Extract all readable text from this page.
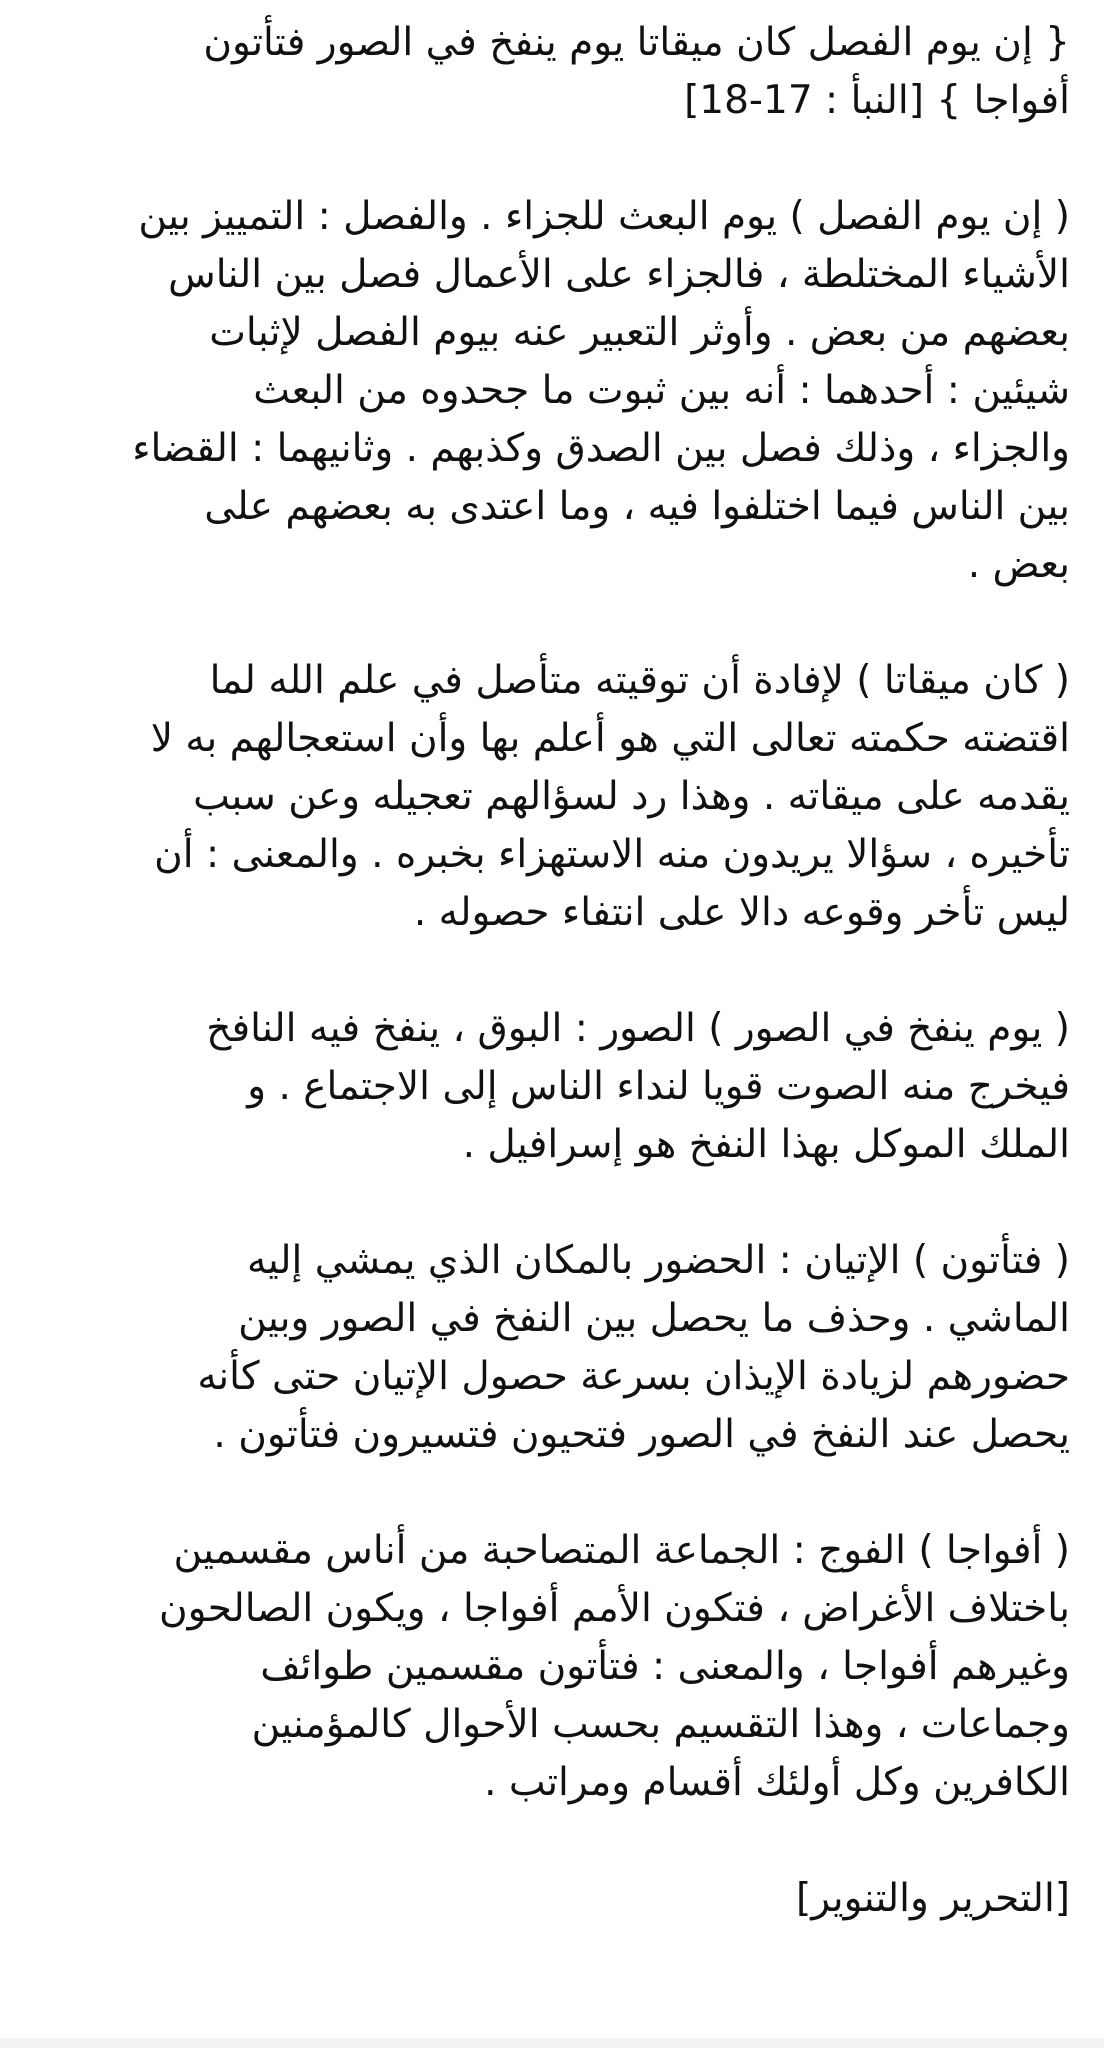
{ إن يوم الفصل كان ميقاتا يوم ينفخ في الصور فتأتون
أفواجا } [النبأ : 17-18]

( إن يوم الفصل ) يوم البعث للجزاء . والفصل : التمييز بين
الأشياء المختلطة ، فالجزاء على الأعمال فصل بين الناس
بعضهم من بعض . وأوثر التعبير عنه بيوم الفصل لإثبات
شيئين : أحدهما : أنه بين ثبوت ما جحدوه من البعث
والجزاء ، وذلك فصل بين الصدق وكذبهم . وثانيهما : القضاء
بين الناس فيما اختلفوا فيه ، وما اعتدى به بعضهم على
بعض .

( كان ميقاتا ) لإفادة أن توقيته متأصل في علم الله لما
اقتضته حكمته تعالى التي هو أعلم بها وأن استعجالهم به لا
يقدمه على ميقاته . وهذا رد لسؤالهم تعجيله وعن سبب
تأخيره ، سؤالا يريدون منه الاستهزاء بخبره . والمعنى : أن
ليس تأخر وقوعه دالا على انتفاء حصوله .

( يوم ينفخ في الصور ) الصور : البوق ، ينفخ فيه النافخ
فيخرج منه الصوت قويا لنداء الناس إلى الاجتماع . و
الملك الموكل بهذا النفخ هو إسرافيل .

( فتأتون ) الإتيان : الحضور بالمكان الذي يمشي إليه
الماشي . وحذف ما يحصل بين النفخ في الصور وبين
حضورهم لزيادة الإيذان بسرعة حصول الإتيان حتى كأنه
يحصل عند النفخ في الصور فتحيون فتسيرون فتأتون .

( أفواجا ) الفوج : الجماعة المتصاحبة من أناس مقسمين
باختلاف الأغراض ، فتكون الأمم أفواجا ، ويكون الصالحون
وغيرهم أفواجا ، والمعنى : فتأتون مقسمين طوائف
وجماعات ، وهذا التقسيم بحسب الأحوال كالمؤمنين
الكافرين وكل أولئك أقسام ومراتب .

[التحرير والتنوير]
